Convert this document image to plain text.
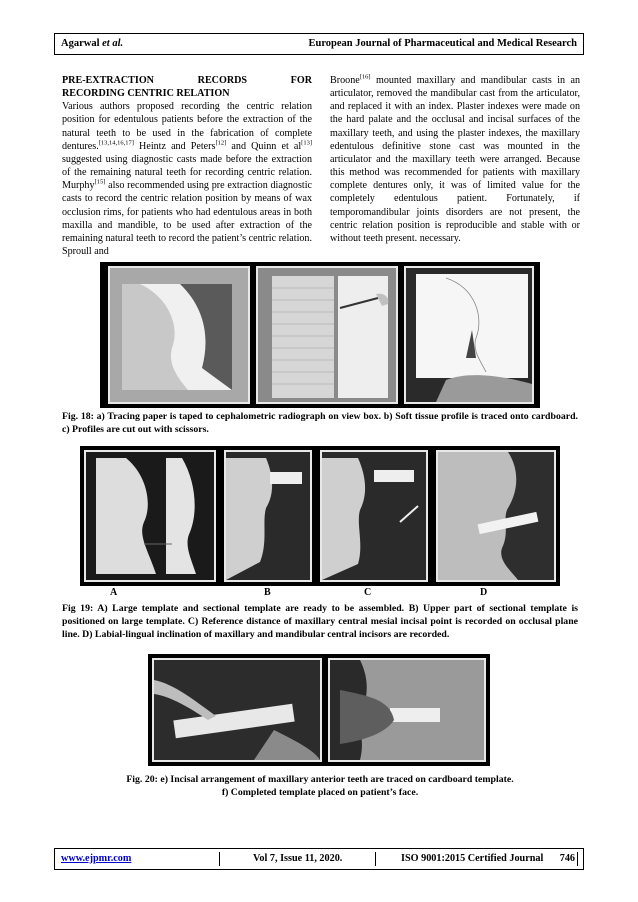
Agarwal et al.	European Journal of Pharmaceutical and Medical Research
PRE-EXTRACTION RECORDS FOR
RECORDING CENTRIC RELATION

Various authors proposed recording the centric relation position for edentulous patients before the extraction of the natural teeth to be used in the fabrication of complete dentures.[13,14,16,17] Heintz and Peters[12] and Quinn et al[13] suggested using diagnostic casts made before the extraction of the remaining natural teeth for recording centric relation. Murphy[15] also recommended using pre extraction diagnostic casts to record the centric relation position by means of wax occlusion rims, for patients who had edentulous areas in both maxilla and mandible, to be used after extraction of the remaining natural teeth to record the patient’s centric relation. Sproull and

Broone[16] mounted maxillary and mandibular casts in an articulator, removed the mandibular cast from the articulator, and replaced it with an index. Plaster indexes were made on the hard palate and the occlusal and incisal surfaces of the maxillary teeth, and using the plaster indexes, the maxillary edentulous definitive stone cast was mounted in the articulator and the maxillary teeth were arranged. Because this method was recommended for patients with maxillary complete dentures only, it was of limited value for the completely edentulous patient. Fortunately, if temporomandibular joints disorders are not present, the centric relation position is reproducible and stable with or without teeth present. necessary.

Fig. 18: a) Tracing paper is taped to cephalometric radiograph on view box. b) Soft tissue profile is traced onto cardboard. c) Profiles are cut out with scissors.
A	B	C	D
Fig 19: A) Large template and sectional template are ready to be assembled. B) Upper part of sectional template is positioned on large template. C) Reference distance of maxillary central mesial incisal point is recorded on occlusal plane line. D) Labial-lingual inclination of maxillary and mandibular central incisors are recorded.
Fig. 20: e) Incisal arrangement of maxillary anterior teeth are traced on cardboard template.
f) Completed template placed on patient’s face.
www.ejpmr.com	Vol 7, Issue 11, 2020.	ISO 9001:2015 Certified Journal 746
